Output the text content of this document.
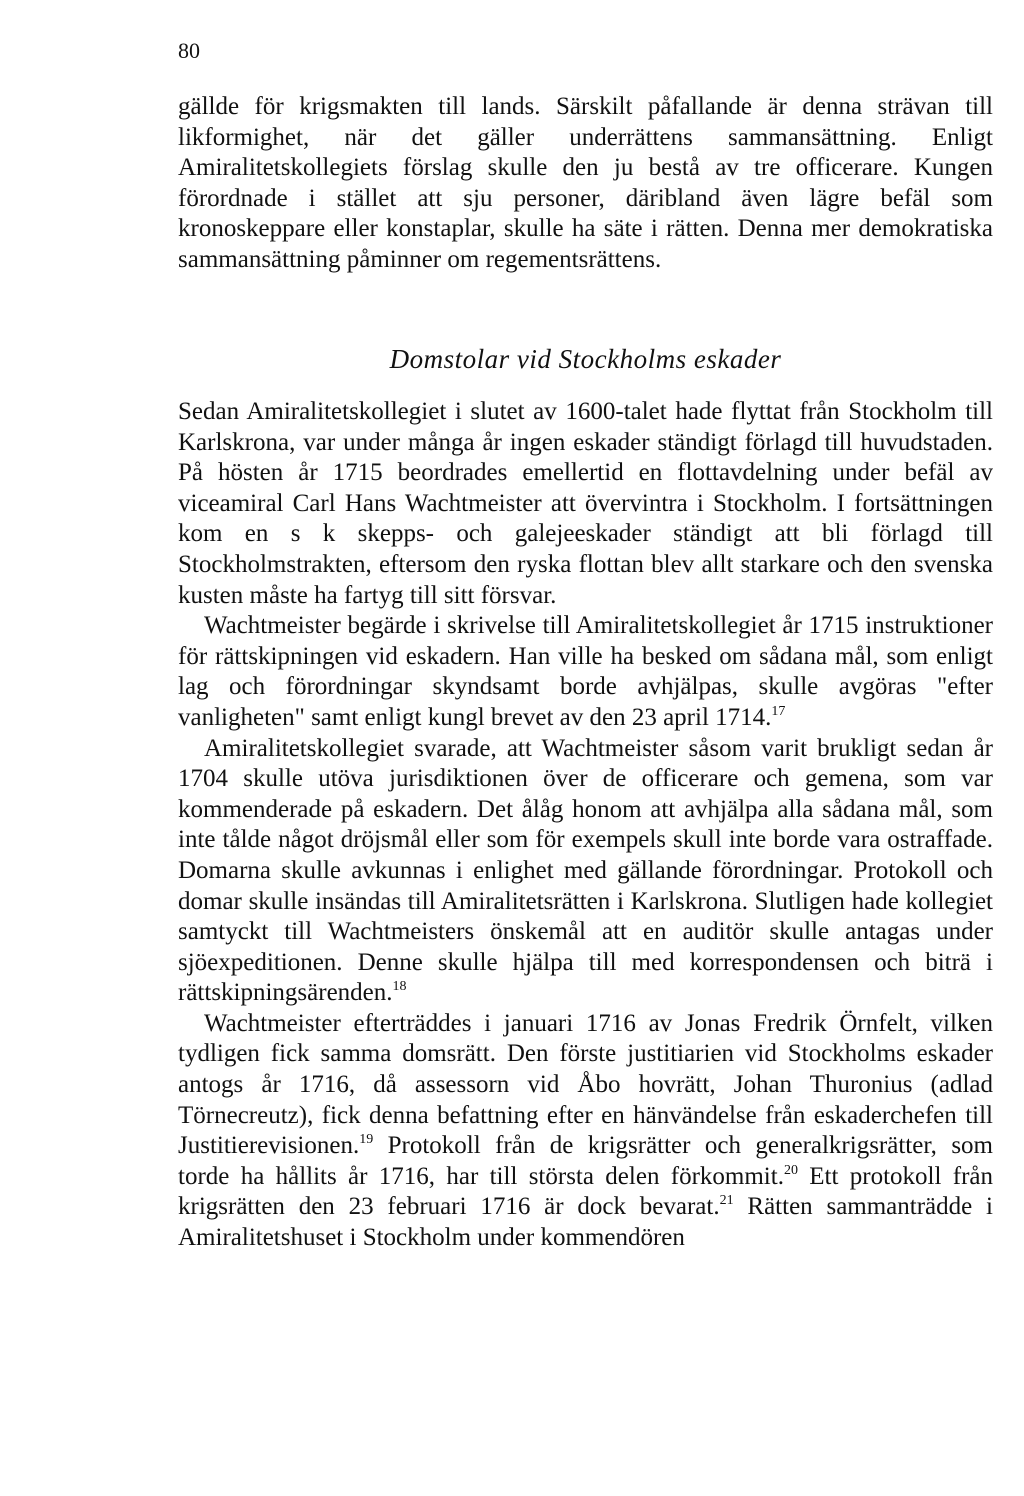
80

gällde för krigsmakten till lands. Särskilt påfallande är denna strävan till likformighet, när det gäller underrättens sammansättning. Enligt Amiralitetskollegiets förslag skulle den ju bestå av tre officerare. Kungen förordnade i stället att sju personer, däribland även lägre befäl som kronoskeppare eller konstaplar, skulle ha säte i rätten. Denna mer demokratiska sammansättning påminner om regementsrättens.

Domstolar vid Stockholms eskader

Sedan Amiralitetskollegiet i slutet av 1600-talet hade flyttat från Stockholm till Karlskrona, var under många år ingen eskader ständigt förlagd till huvudstaden. På hösten år 1715 beordrades emellertid en flottavdelning under befäl av viceamiral Carl Hans Wachtmeister att övervintra i Stockholm. I fortsättningen kom en s k skepps- och galejeeskader ständigt att bli förlagd till Stockholmstrakten, eftersom den ryska flottan blev allt starkare och den svenska kusten måste ha fartyg till sitt försvar.

Wachtmeister begärde i skrivelse till Amiralitetskollegiet år 1715 instruktioner för rättskipningen vid eskadern. Han ville ha besked om sådana mål, som enligt lag och förordningar skyndsamt borde avhjälpas, skulle avgöras "efter vanligheten" samt enligt kungl brevet av den 23 april 1714.17

Amiralitetskollegiet svarade, att Wachtmeister såsom varit brukligt sedan år 1704 skulle utöva jurisdiktionen över de officerare och gemena, som var kommenderade på eskadern. Det ålåg honom att avhjälpa alla sådana mål, som inte tålde något dröjsmål eller som för exempels skull inte borde vara ostraffade. Domarna skulle avkunnas i enlighet med gällande förordningar. Protokoll och domar skulle insändas till Amiralitetsrätten i Karlskrona. Slutligen hade kollegiet samtyckt till Wachtmeisters önskemål att en auditör skulle antagas under sjöexpeditionen. Denne skulle hjälpa till med korrespondensen och biträ i rättskipningsärenden.$^{18}$

Wachtmeister efterträddes i januari 1716 av Jonas Fredrik Örnfelt, vilken tydligen fick samma domsrätt. Den förste justitiarien vid Stockholms eskader antogs år 1716, då assessorn vid Åbo hovrätt, Johan Thuronius (adlad Törnecreutz), fick denna befattning efter en hänvändelse från eskaderchefen till Justitierevisionen.$^{19}$ Protokoll från de krigsrätter och generalkrigsrätter, som torde ha hållits år 1716, har till största delen förkommit.$^{20}$ Ett protokoll från krigsrätten den 23 februari 1716 är dock bevarat.$^{21}$ Rätten sammanträdde i Amiralitetshuset i Stockholm under kommendören
